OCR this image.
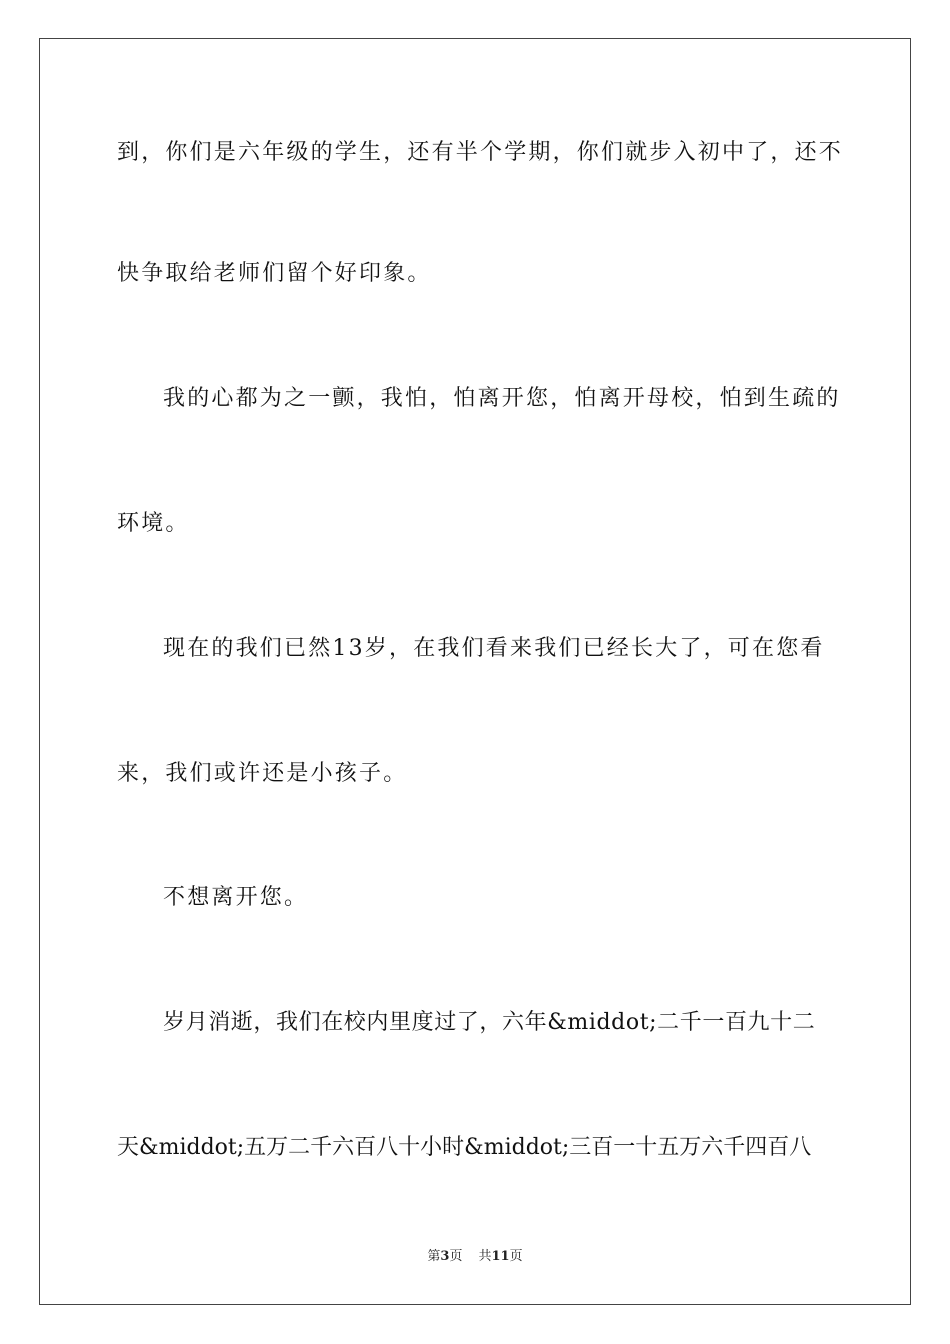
到，你们是六年级的学生，还有半个学期，你们就步入初中了，还不
快争取给老师们留个好印象。
我的心都为之一颤，我怕，怕离开您，怕离开母校，怕到生疏的
环境。
现在的我们已然13岁，在我们看来我们已经长大了，可在您看
来，我们或许还是小孩子。
不想离开您。
岁月消逝，我们在校内里度过了，六年&middot;二千一百九十二
天&middot;五万二千六百八十小时&middot;三百一十五万六千四百八
第3页 共11页
